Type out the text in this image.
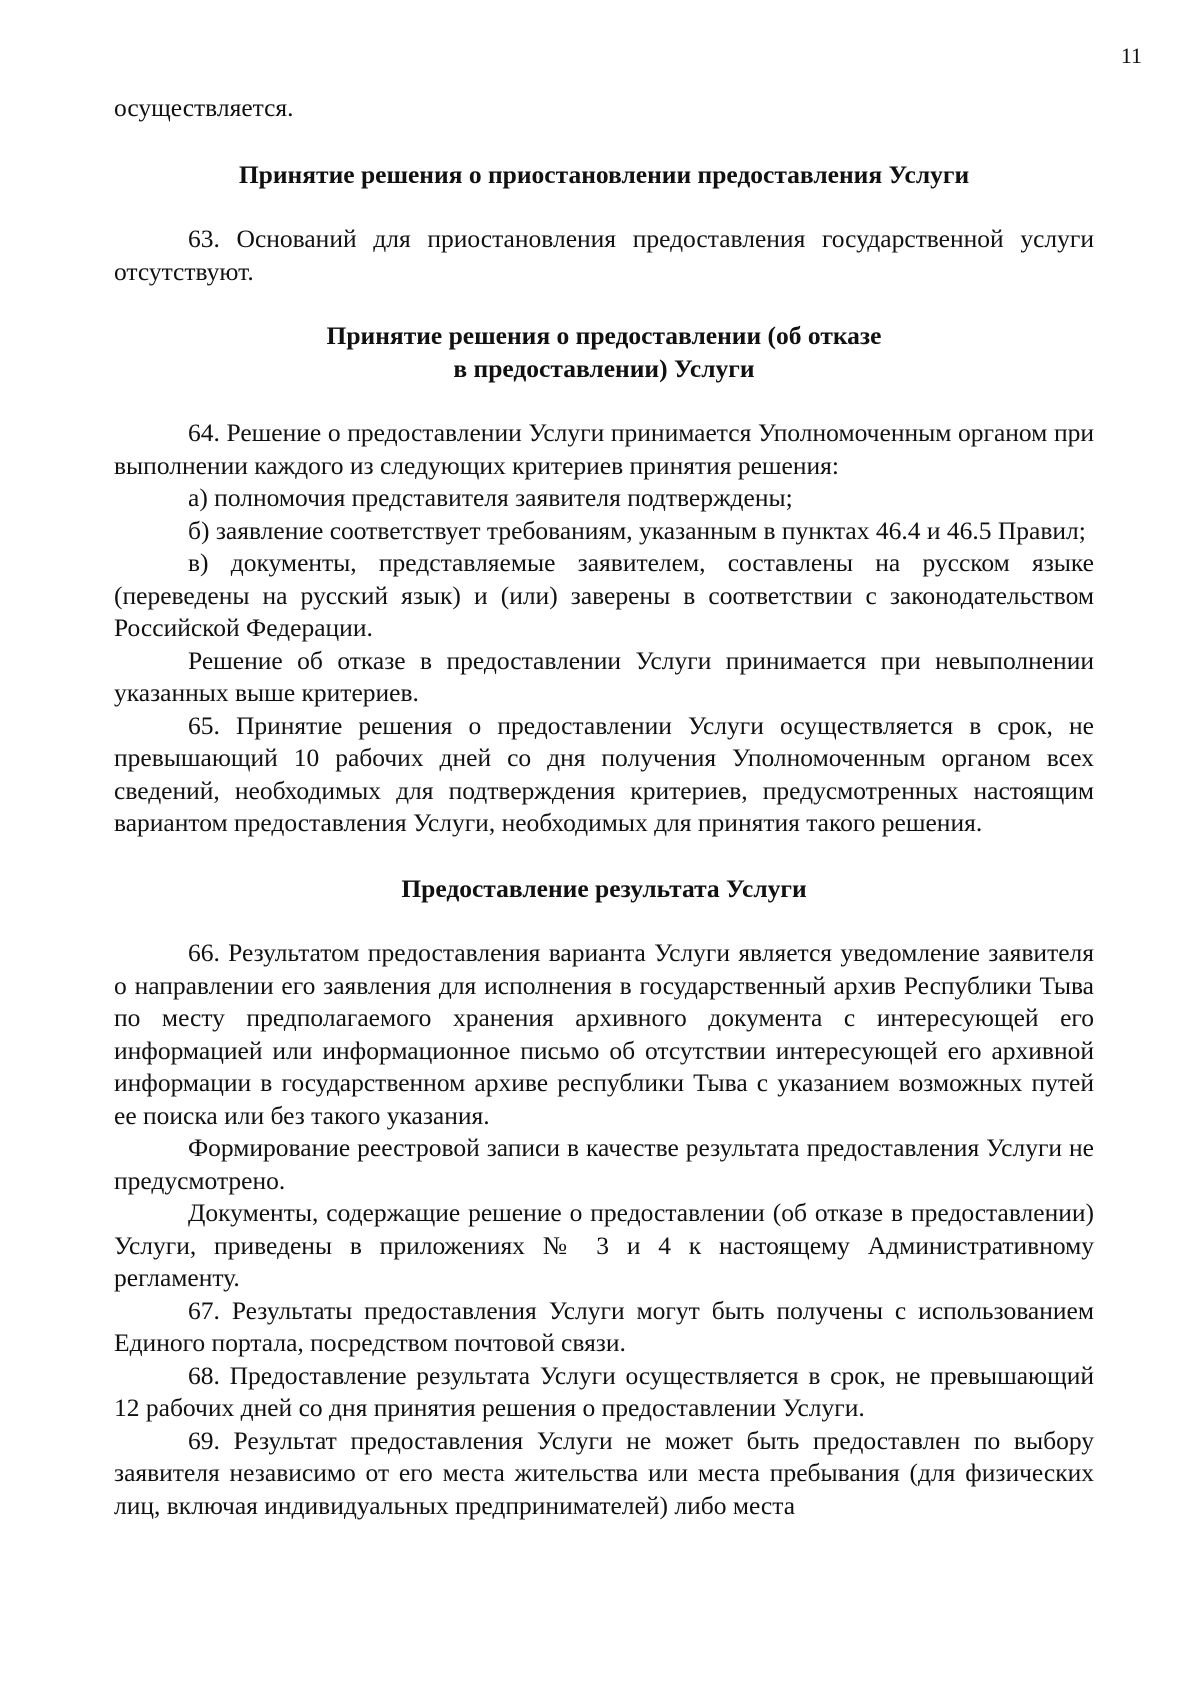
11

осуществляется.

Принятие решения о приостановлении предоставления Услуги

63. Оснований для приостановления предоставления государственной услуги отсутствуют.

Принятие решения о предоставлении (об отказе
в предоставлении) Услуги

64. Решение о предоставлении Услуги принимается Уполномоченным органом при выполнении каждого из следующих критериев принятия решения:

а) полномочия представителя заявителя подтверждены;

б) заявление соответствует требованиям, указанным в пунктах 46.4 и 46.5 Правил;

в) документы, представляемые заявителем, составлены на русском языке (переведены на русский язык) и (или) заверены в соответствии с законодательством Российской Федерации.

Решение об отказе в предоставлении Услуги принимается при невыполнении указанных выше критериев.

65. Принятие решения о предоставлении Услуги осуществляется в срок, не превышающий 10 рабочих дней со дня получения Уполномоченным органом всех сведений, необходимых для подтверждения критериев, предусмотренных настоящим вариантом предоставления Услуги, необходимых для принятия такого решения.

Предоставление результата Услуги

66. Результатом предоставления варианта Услуги является уведомление заявителя о направлении его заявления для исполнения в государственный архив Республики Тыва по месту предполагаемого хранения архивного документа с интересующей его информацией или информационное письмо об отсутствии интересующей его архивной информации в государственном архиве республики Тыва с указанием возможных путей ее поиска или без такого указания.

Формирование реестровой записи в качестве результата предоставления Услуги не предусмотрено.

Документы, содержащие решение о предоставлении (об отказе в предоставлении) Услуги, приведены в приложениях № 3 и 4 к настоящему Административному регламенту.

67. Результаты предоставления Услуги могут быть получены с использованием Единого портала, посредством почтовой связи.

68. Предоставление результата Услуги осуществляется в срок, не превышающий 12 рабочих дней со дня принятия решения о предоставлении Услуги.

69. Результат предоставления Услуги не может быть предоставлен по выбору заявителя независимо от его места жительства или места пребывания (для физических лиц, включая индивидуальных предпринимателей) либо места
